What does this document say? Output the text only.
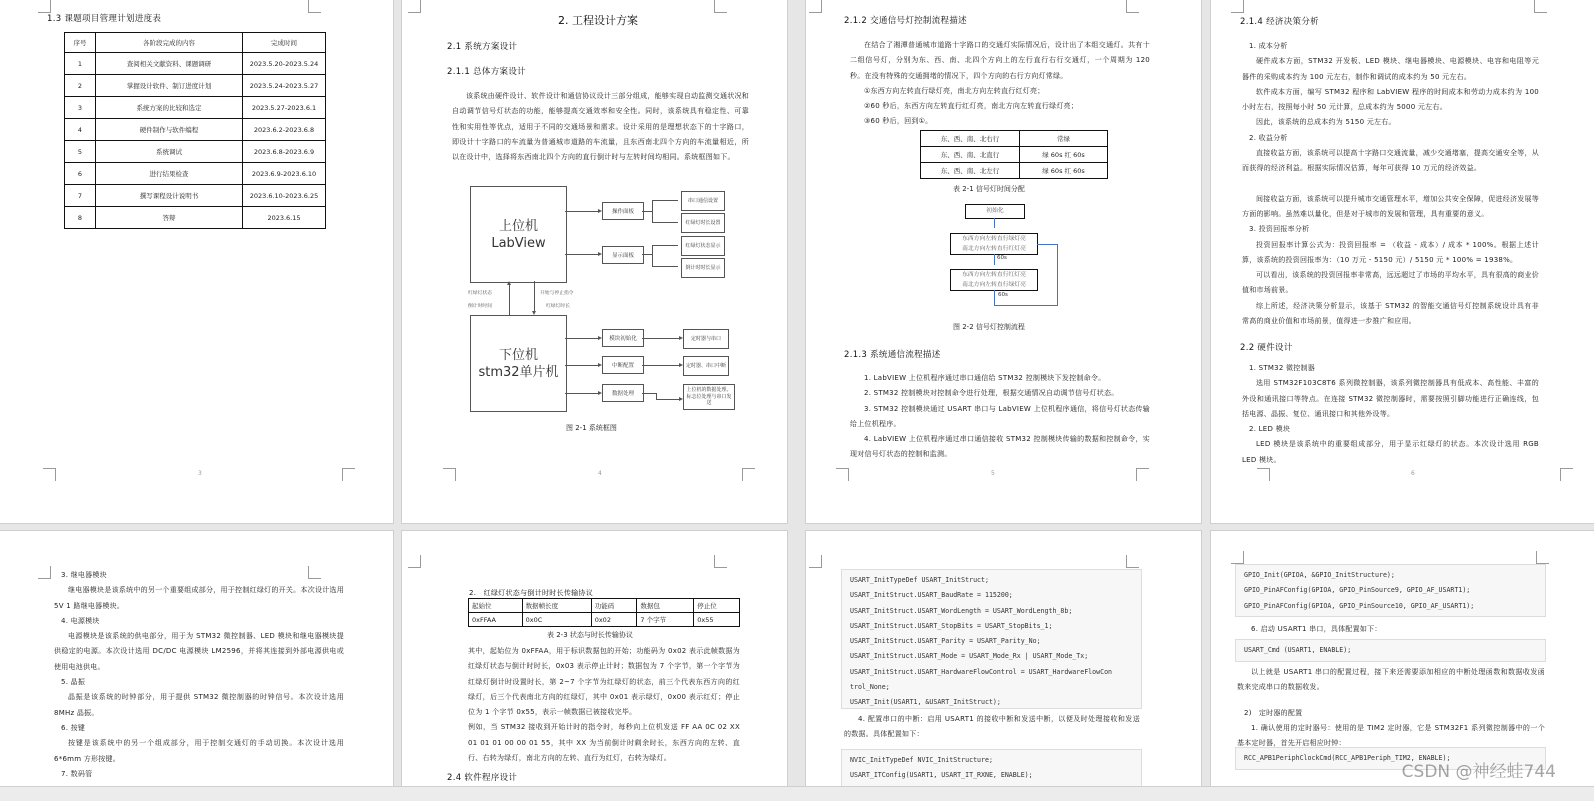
1.3 课题项目管理计划进度表
序号	各阶段完成的内容	完成时间
1	查阅相关文献资料、课题调研	2023.5.20-2023.5.24
2	掌握设计软件、制订进度计划	2023.5.24-2023.5.27
3	系统方案的比较和选定	2023.5.27-2023.6.1
4	硬件制作与软件编程	2023.6.2-2023.6.8
5	系统调试	2023.6.8-2023.6.9
6	进行结果检查	2023.6.9-2023.6.10
7	撰写课程设计说明书	2023.6.10-2023.6.25
8	答辩	2023.6.15
3
2. 工程设计方案
2.1 系统方案设计
2.1.1 总体方案设计

该系统由硬件设计、软件设计和通信协议设计三部分组成，能够实现自动监测交通状况和自动调节信号灯状态的功能，能够提高交通效率和安全性。同时，该系统具有稳定性、可靠性和实用性等优点，适用于不同的交通场景和需求。设计采用的是理想状态下的十字路口，即设计十字路口的车流量为普通城市道路的车流量，且东西南北四个方向的车流量相近，所以在设计中，选择将东西南北四个方向的直行倒计时与左转时间均相同。系统框图如下。

上位机
LabView
下位机
stm32单片机
红绿灯状态
倒计时时间
开始与停止指令
红绿灯时长
操作面板
显示面板
串口通信设置
红绿灯时长设置
红绿灯状态显示
倒计时时长显示
模块初始化
中断配置
数据处理
定时器与串口
定时器、串口中断
上位机的数据处理、标志位处理与串口发送
图 2-1 系统框图
4
2.1.2 交通信号灯控制流程描述

在结合了湘潭普通城市道路十字路口的交通灯实际情况后，设计出了本组交通灯。共有十二组信号灯，分别为东、西、南、北四个方向上的左行直行右行交通灯，一个周期为 120 秒。在没有特殊的交通拥堵的情况下，四个方向的右行方向灯常绿。

①东西方向左转直行绿灯亮，南北方向左转直行红灯亮；

②60 秒后，东西方向左转直行红灯亮，南北方向左转直行绿灯亮；

③60 秒后，回到①。

东、西、南、北右行	常绿
东、西、南、北直行	绿 60s 红 60s
东、西、南、北左行	绿 60s 红 60s
表 2-1 信号灯时间分配
初始化
东西方向左转直行绿灯亮
南北方向左转直行红灯亮
60s
东西方向左转直行红灯亮
南北方向左转直行绿灯亮
60s
图 2-2 信号灯控制流程
2.1.3 系统通信流程描述

1. LabVIEW 上位机程序通过串口通信给 STM32 控制模块下发控制命令。

2. STM32 控制模块对控制命令进行处理，根据交通情况自动调节信号灯状态。

3. STM32 控制模块通过 USART 串口与 LabVIEW 上位机程序通信，将信号灯状态传输给上位机程序。

4. LabVIEW 上位机程序通过串口通信接收 STM32 控制模块传输的数据和控制命令，实现对信号灯状态的控制和监测。

5
2.1.4 经济决策分析

1. 成本分析

硬件成本方面，STM32 开发板、LED 模块、继电器模块、电源模块、电容和电阻等元器件的采购成本约为 100 元左右，制作和调试的成本约为 50 元左右。

软件成本方面，编写 STM32 程序和 LabVIEW 程序的时间成本和劳动力成本约为 100 小时左右，按照每小时 50 元计算，总成本约为 5000 元左右。

因此，该系统的总成本约为 5150 元左右。

2. 收益分析

直接收益方面，该系统可以提高十字路口交通流量，减少交通堵塞，提高交通安全等，从而获得的经济利益。根据实际情况估算，每年可获得 10 万元的经济效益。

间接收益方面，该系统可以提升城市交通管理水平，增加公共安全保障，促进经济发展等方面的影响。虽然难以量化，但是对于城市的发展和管理，具有重要的意义。

3. 投资回报率分析

投资回报率计算公式为：投资回报率 = （收益 - 成本）/ 成本 * 100%。根据上述计算，该系统的投资回报率为：（10 万元 - 5150 元）/ 5150 元 * 100% = 1938%。

可以看出，该系统的投资回报率非常高，远远超过了市场的平均水平，具有很高的商业价值和市场前景。

综上所述，经济决策分析显示，该基于 STM32 的智能交通信号灯控制系统设计具有非常高的商业价值和市场前景，值得进一步推广和应用。

2.2 硬件设计

1. STM32 微控制器

选用 STM32F103C8T6 系列微控制器，该系列微控制器具有低成本、高性能、丰富的外设和通讯接口等特点。在连接 STM32 微控制器时，需要按照引脚功能进行正确连线，包括电源、晶振、复位、通讯接口和其他外设等。

2. LED 模块

LED 模块是该系统中的重要组成部分，用于显示红绿灯的状态。本次设计选用 RGB LED 模块。

6

3. 继电器模块

继电器模块是该系统中的另一个重要组成部分，用于控制红绿灯的开关。本次设计选用 5V 1 路继电器模块。

4. 电源模块

电源模块是该系统的供电部分，用于为 STM32 微控制器、LED 模块和继电器模块提供稳定的电源。本次设计选用 DC/DC 电源模块 LM2596，并将其连接到外部电源供电或使用电池供电。

5. 晶振

晶振是该系统的时钟部分，用于提供 STM32 微控制器的时钟信号。本次设计选用 8MHz 晶振。

6. 按键

按键是该系统中的另一个组成部分，用于控制交通灯的手动切换。本次设计选用 6*6mm 方形按键。

7. 数码管

2.　红绿灯状态与倒计时时长传输协议
起始位	数据帧长度	功能码	数据包	停止位
0xFFAA	0x0C	0x02	7 个字节	0x55
表 2-3 状态与时长传输协议

其中，起始位为 0xFFAA，用于标识数据包的开始；功能码为 0x02 表示此帧数据为红绿灯状态与倒计时时长，0x03 表示停止计时；数据包为 7 个字节，第一个字节为红绿灯倒计时设置时长，第 2~7 个字节为红绿灯的状态，前三个代表东西方向的红绿灯，后三个代表南北方向的红绿灯，其中 0x01 表示绿灯，0x00 表示红灯；停止位为 1 个字节 0x55，表示一帧数据已被接收完毕。

例如，当 STM32 接收到开始计时的指令时，每秒向上位机发送 FF AA 0C 02 XX 01 01 01 00 00 01 55，其中 XX 为当前倒计时剩余时长，东西方向的左转、直行、右转为绿灯，南北方向的左转、直行为红灯，右转为绿灯。

2.4 软件程序设计
USART_InitTypeDef USART_InitStruct;
USART_InitStruct.USART_BaudRate = 115200;
USART_InitStruct.USART_WordLength = USART_WordLength_8b;
USART_InitStruct.USART_StopBits = USART_StopBits_1;
USART_InitStruct.USART_Parity = USART_Parity_No;
USART_InitStruct.USART_Mode = USART_Mode_Rx | USART_Mode_Tx;
USART_InitStruct.USART_HardwareFlowControl = USART_HardwareFlowCon
trol_None;
USART_Init(USART1, &USART_InitStruct);

4. 配置串口的中断：启用 USART1 的接收中断和发送中断，以便及时处理接收和发送的数据。具体配置如下：

NVIC_InitTypeDef NVIC_InitStructure;
USART_ITConfig(USART1, USART_IT_RXNE, ENABLE);
GPIO_Init(GPIOA, &GPIO_InitStructure);
GPIO_PinAFConfig(GPIOA, GPIO_PinSource9, GPIO_AF_USART1);
GPIO_PinAFConfig(GPIOA, GPIO_PinSource10, GPIO_AF_USART1);

6. 启动 USART1 串口，具体配置如下：

USART_Cmd (USART1, ENABLE);

以上就是 USART1 串口的配置过程，接下来还需要添加相应的中断处理函数和数据收发函数来完成串口的数据收发。

2)　定时器的配置

1. 确认使用的定时器号：使用的是 TIM2 定时器，它是 STM32F1 系列微控制器中的一个基本定时器，首先开启相应时钟：

RCC_APB1PeriphClockCmd(RCC_APB1Periph_TIM2, ENABLE);
CSDN @神经蛙744
